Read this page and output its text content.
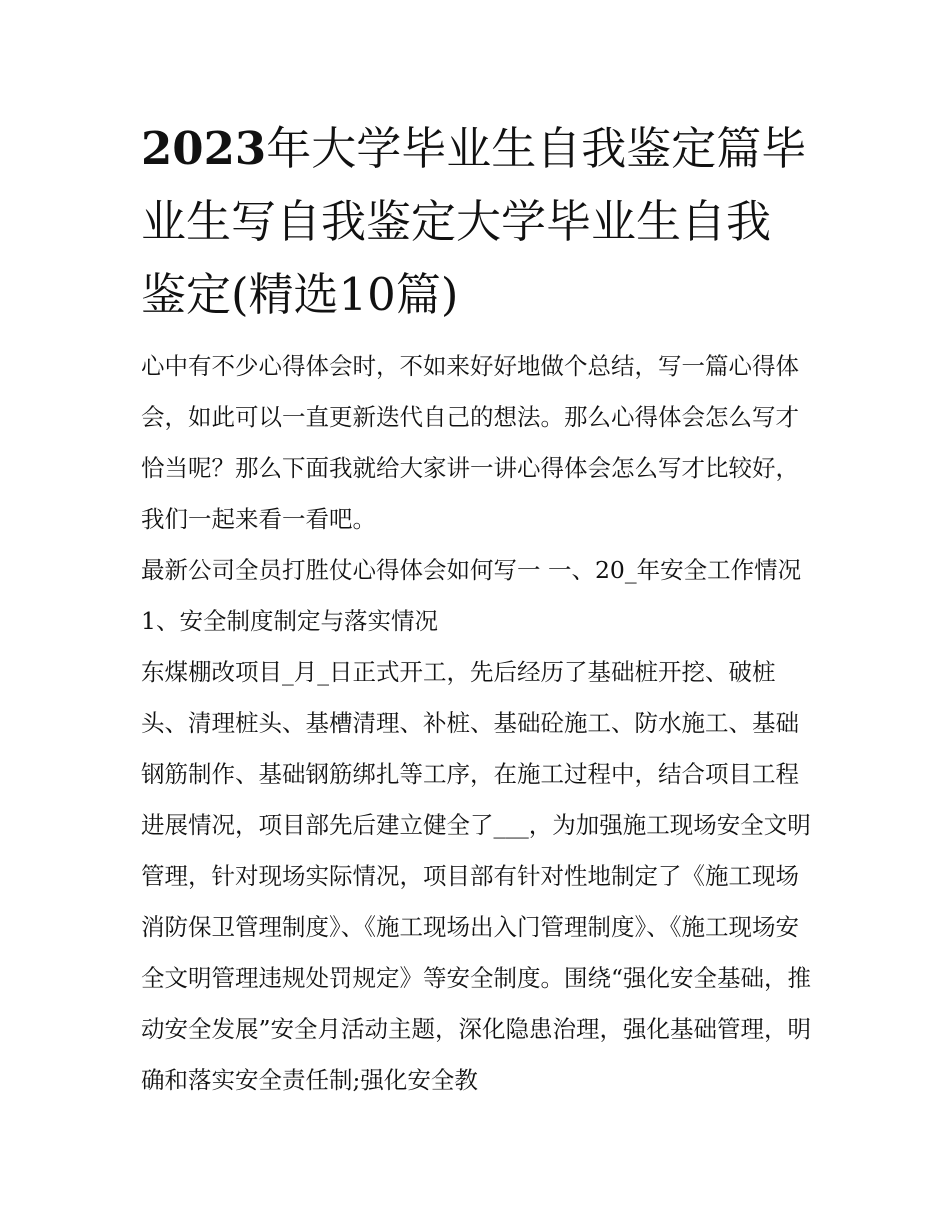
2023年大学毕业生自我鉴定篇毕业生写自我鉴定大学毕业生自我鉴定(精选10篇)

心中有不少心得体会时，不如来好好地做个总结，写一篇心得体会，如此可以一直更新迭代自己的想法。那么心得体会怎么写才恰当呢？那么下面我就给大家讲一讲心得体会怎么写才比较好，我们一起来看一看吧。

最新公司全员打胜仗心得体会如何写一 一、20_年安全工作情况 1、安全制度制定与落实情况

东煤棚改项目_月_日正式开工，先后经历了基础桩开挖、破桩头、清理桩头、基槽清理、补桩、基础砼施工、防水施工、基础钢筋制作、基础钢筋绑扎等工序，在施工过程中，结合项目工程进展情况，项目部先后建立健全了___，为加强施工现场安全文明管理，针对现场实际情况，项目部有针对性地制定了《施工现场消防保卫管理制度》、《施工现场出入门管理制度》、《施工现场安全文明管理违规处罚规定》等安全制度。围绕“强化安全基础，推动安全发展”安全月活动主题，深化隐患治理，强化基础管理，明确和落实安全责任制;强化安全教
